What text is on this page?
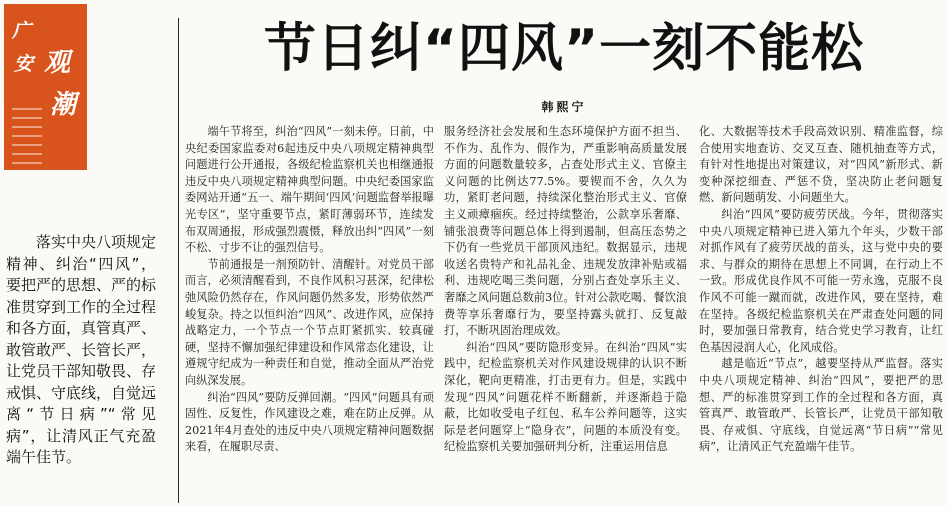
广
安 观
潮
节日纠“四风”一刻不能松
韩熙宁
落实中央八项规定精神、纠治“四风”，要把严的思想、严的标准贯穿到工作的全过程和各方面，真管真严、敢管敢严、长管长严，让党员干部知敬畏、存戒惧、守底线，自觉远离“节日病”“常见病”，让清风正气充盈端午佳节。

端午节将至，纠治“四风”一刻未停。日前，中央纪委国家监委对6起违反中央八项规定精神典型问题进行公开通报，各级纪检监察机关也相继通报违反中央八项规定精神典型问题。中央纪委国家监委网站开通“五一、端午期间‘四风’问题监督举报曝光专区”，坚守重要节点，紧盯薄弱环节，连续发布双周通报，形成强烈震慑，释放出纠“四风”一刻不松、寸步不让的强烈信号。

节前通报是一剂预防针、清醒针。对党员干部而言，必须清醒看到，不良作风积习甚深，纪律松弛风险仍然存在，作风问题仍然多发，形势依然严峻复杂。持之以恒纠治“四风”、改进作风，应保持战略定力，一个节点一个节点盯紧抓实、较真碰硬，坚持不懈加强纪律建设和作风常态化建设，让遵规守纪成为一种责任和自觉，推动全面从严治党向纵深发展。

纠治“四风”要防反弹回潮。“四风”问题具有顽固性、反复性，作风建设之难，难在防止反弹。从2021年4月查处的违反中央八项规定精神问题数据来看，在履职尽责、

服务经济社会发展和生态环境保护方面不担当、不作为、乱作为、假作为，严重影响高质量发展方面的问题数量较多，占查处形式主义、官僚主义问题的比例达77.5%。要锲而不舍，久久为功，紧盯老问题，持续深化整治形式主义、官僚主义顽瘴痼疾。经过持续整治，公款享乐奢靡、铺张浪费等问题总体上得到遏制，但高压态势之下仍有一些党员干部顶风违纪。数据显示，违规收送名贵特产和礼品礼金、违规发放津补贴或福利、违规吃喝三类问题，分别占查处享乐主义、奢靡之风问题总数前3位。针对公款吃喝、餐饮浪费等享乐奢靡行为，要坚持露头就打、反复敲打，不断巩固治理成效。

纠治“四风”要防隐形变异。在纠治“四风”实践中，纪检监察机关对作风建设规律的认识不断深化，靶向更精准，打击更有力。但是，实践中发现“四风”问题花样不断翻新，并逐渐趋于隐蔽，比如收受电子红包、私车公养问题等，这实际是老问题穿上“隐身衣”，问题的本质没有变。纪检监察机关要加强研判分析，注重运用信息

化、大数据等技术手段高效识别、精准监督，综合使用实地查访、交叉互查、随机抽查等方式，有针对性地提出对策建议，对“四风”新形式、新变种深挖细查、严惩不贷，坚决防止老问题复燃、新问题萌发、小问题坐大。

纠治“四风”要防疲劳厌战。今年，贯彻落实中央八项规定精神已进入第九个年头，少数干部对抓作风有了疲劳厌战的苗头，这与党中央的要求、与群众的期待在思想上不同调，在行动上不一致。形成优良作风不可能一劳永逸，克服不良作风不可能一蹴而就，改进作风，要在坚持，难在坚持。各级纪检监察机关在严肃查处问题的同时，要加强日常教育，结合党史学习教育，让红色基因浸润人心，化风成俗。

越是临近“节点”，越要坚持从严监督。落实中央八项规定精神、纠治“四风”，要把严的思想、严的标准贯穿到工作的全过程和各方面，真管真严、敢管敢严、长管长严，让党员干部知敬畏、存戒惧、守底线，自觉远离“节日病”“常见病”，让清风正气充盈端午佳节。
